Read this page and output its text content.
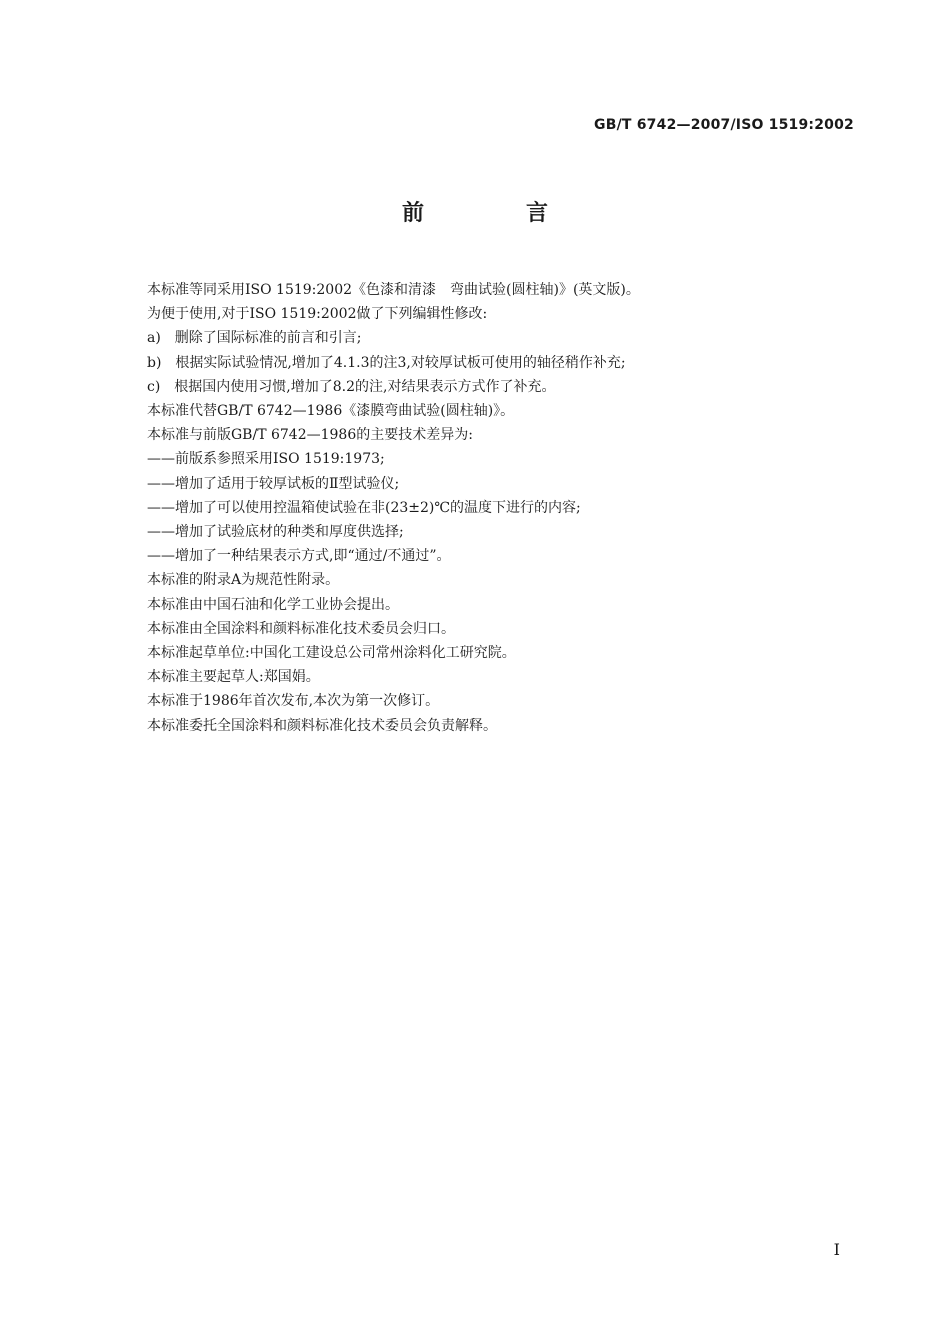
GB/T 6742—2007/ISO 1519:2002
前　言
本标准等同采用ISO 1519:2002《色漆和清漆　弯曲试验(圆柱轴)》(英文版)。
为便于使用,对于ISO 1519:2002做了下列编辑性修改:
a)　删除了国际标准的前言和引言;
b)　根据实际试验情况,增加了4.1.3的注3,对较厚试板可使用的轴径稍作补充;
c)　根据国内使用习惯,增加了8.2的注,对结果表示方式作了补充。
本标准代替GB/T 6742—1986《漆膜弯曲试验(圆柱轴)》。
本标准与前版GB/T 6742—1986的主要技术差异为:
——前版系参照采用ISO 1519:1973;
——增加了适用于较厚试板的Ⅱ型试验仪;
——增加了可以使用控温箱使试验在非(23±2)℃的温度下进行的内容;
——增加了试验底材的种类和厚度供选择;
——增加了一种结果表示方式,即“通过/不通过”。
本标准的附录A为规范性附录。
本标准由中国石油和化学工业协会提出。
本标准由全国涂料和颜料标准化技术委员会归口。
本标准起草单位:中国化工建设总公司常州涂料化工研究院。
本标准主要起草人:郑国娟。
本标准于1986年首次发布,本次为第一次修订。
本标准委托全国涂料和颜料标准化技术委员会负责解释。
I
